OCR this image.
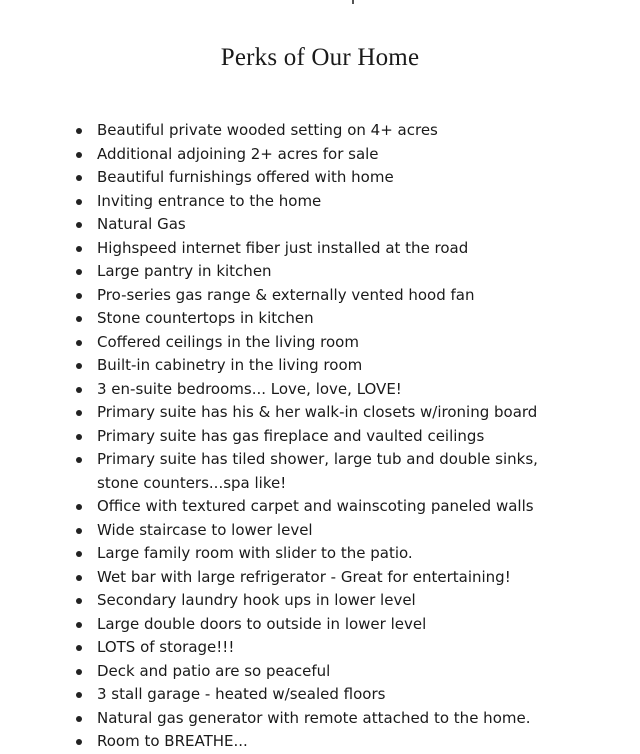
Perks of Our Home
Beautiful private wooded setting on 4+ acres
Additional adjoining 2+ acres for sale
Beautiful furnishings offered with home
Inviting entrance to the home
Natural Gas
Highspeed internet fiber just installed at the road
Large pantry in kitchen
Pro-series gas range & externally vented hood fan
Stone countertops in kitchen
Coffered ceilings in the living room
Built-in cabinetry in the living room
3 en-suite bedrooms... Love, love, LOVE!
Primary suite has his & her walk-in closets w/ironing board
Primary suite has gas fireplace and vaulted ceilings
Primary suite has tiled shower, large tub and double sinks,
stone counters...spa like!
Office with textured carpet and wainscoting paneled walls
Wide staircase to lower level
Large family room with slider to the patio.
Wet bar with large refrigerator - Great for entertaining!
Secondary laundry hook ups in lower level
Large double doors to outside in lower level
LOTS of storage!!!
Deck and patio are so peaceful
3 stall garage - heated w/sealed floors
Natural gas generator with remote attached to the home.
Room to BREATHE...
